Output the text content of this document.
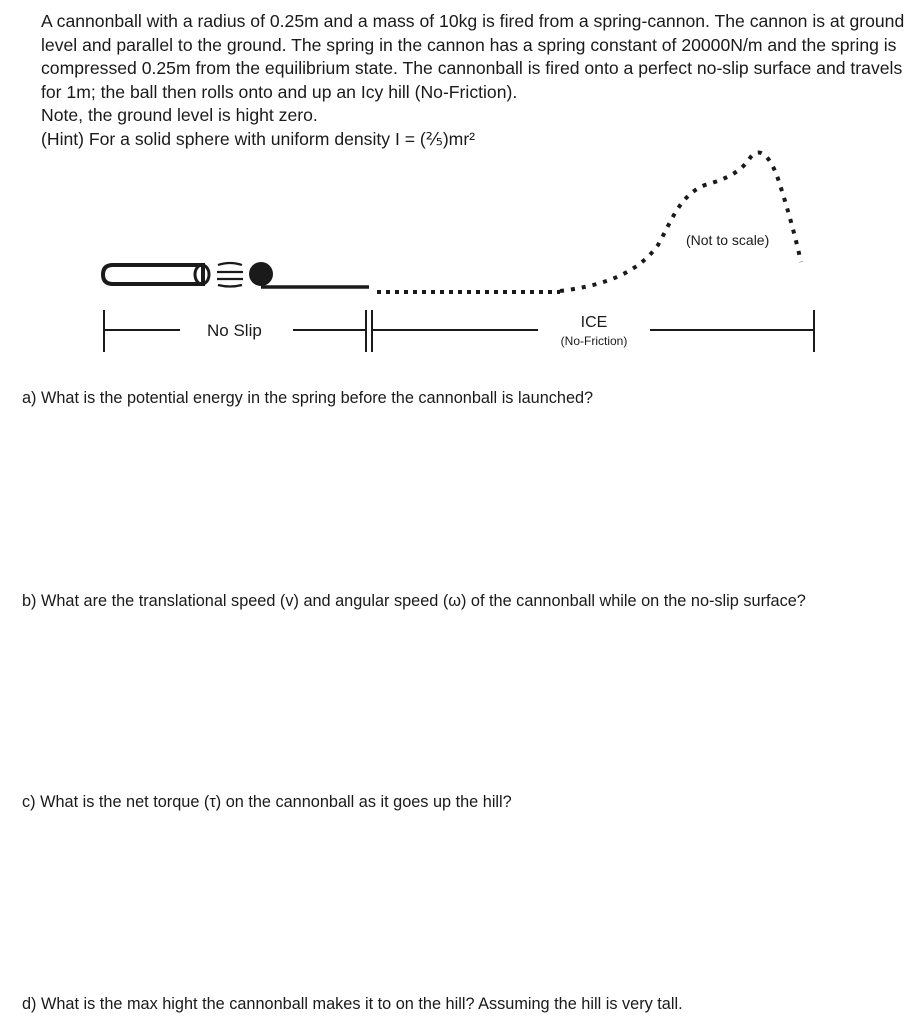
A cannonball with a radius of 0.25m and a mass of 10kg is fired from a spring-cannon. The cannon is at ground level and parallel to the ground. The spring in the cannon has a spring constant of 20000N/m and the spring is compressed 0.25m from the equilibrium state. The cannonball is fired onto a perfect no-slip surface and travels for 1m; the ball then rolls onto and up an Icy hill (No-Friction).

Note, the ground level is hight zero.

(Hint) For a solid sphere with uniform density I = (⅖)mr²

(Not to scale)
No Slip	ICE
(No-Friction)

a) What is the potential energy in the spring before the cannonball is launched?

b) What are the translational speed (v) and angular speed (ω) of the cannonball while on the no-slip surface?

c) What is the net torque (τ) on the cannonball as it goes up the hill?

d) What is the max hight the cannonball makes it to on the hill? Assuming the hill is very tall.
